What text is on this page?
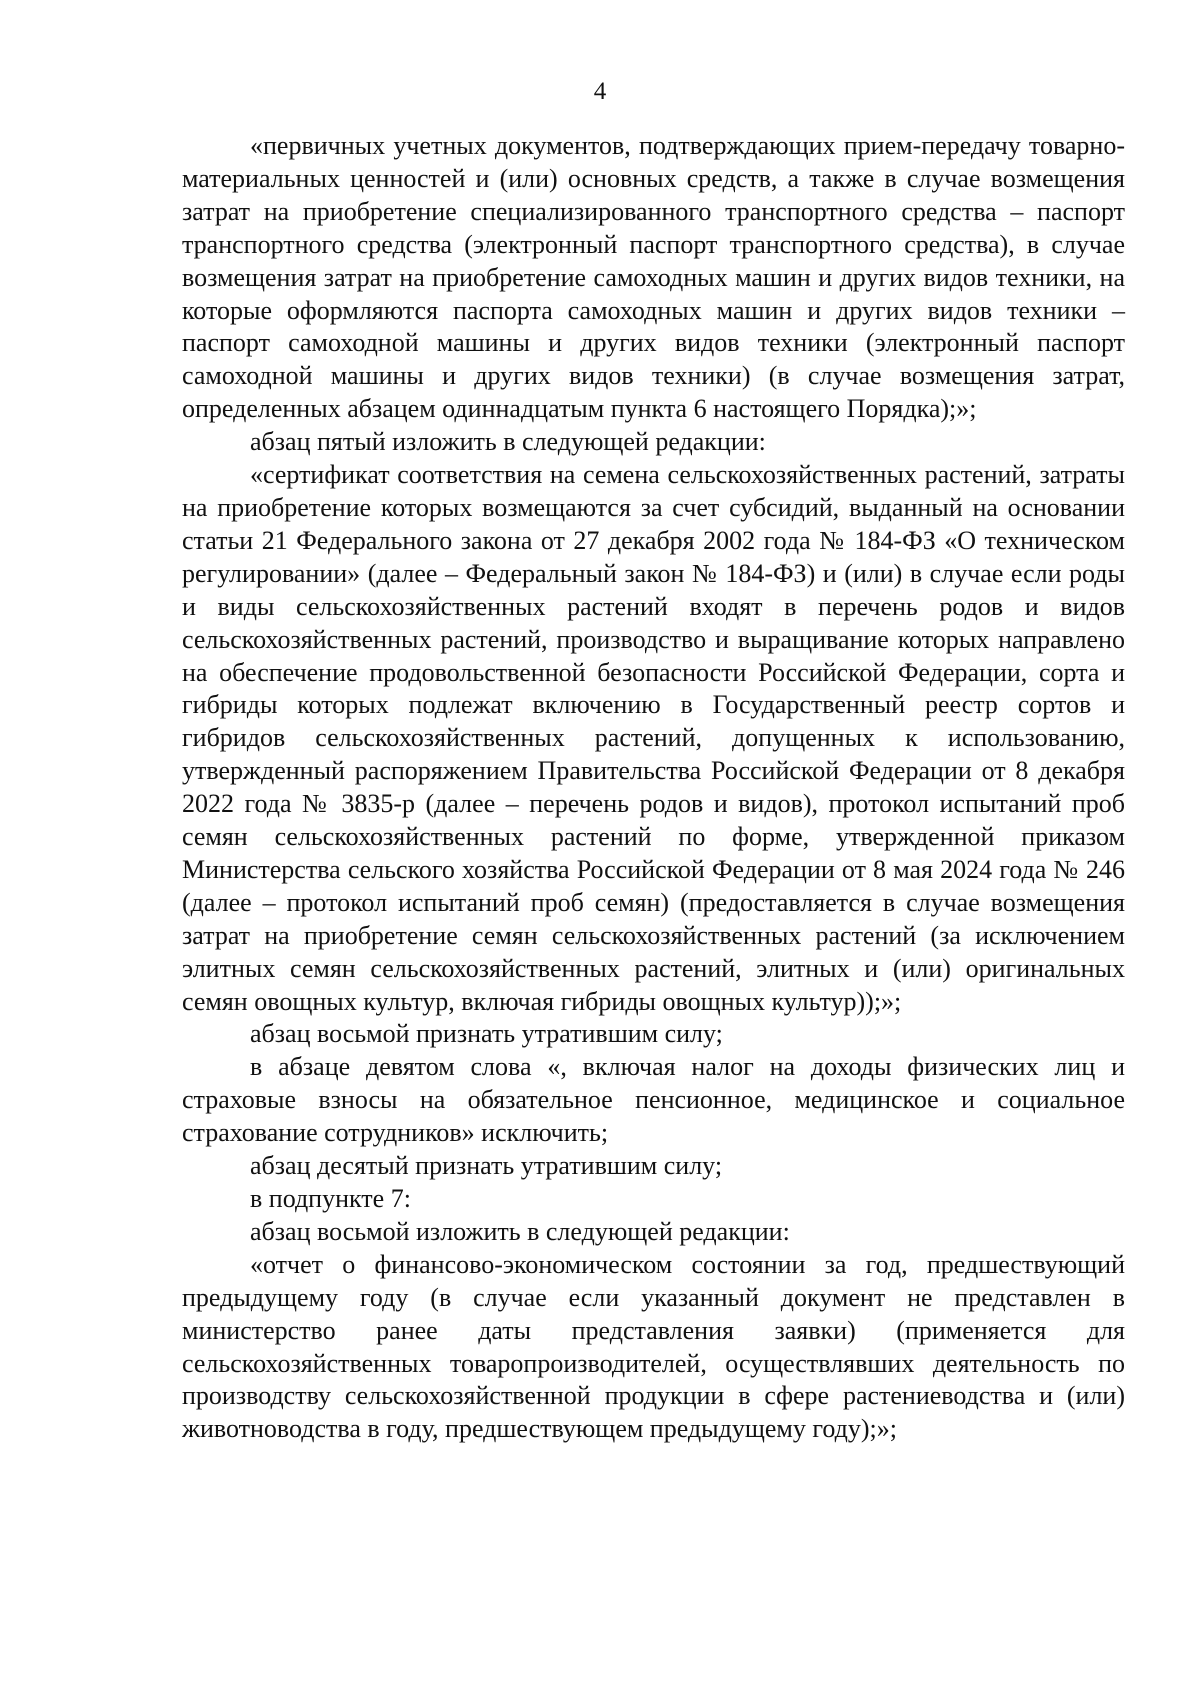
4

«первичных учетных документов, подтверждающих прием-передачу товарно-материальных ценностей и (или) основных средств, а также в случае возмещения затрат на приобретение специализированного транспортного средства – паспорт транспортного средства (электронный паспорт транспортного средства), в случае возмещения затрат на приобретение самоходных машин и других видов техники, на которые оформляются паспорта самоходных машин и других видов техники – паспорт самоходной машины и других видов техники (электронный паспорт самоходной машины и других видов техники) (в случае возмещения затрат, определенных абзацем одиннадцатым пункта 6 настоящего Порядка);»;

абзац пятый изложить в следующей редакции:

«сертификат соответствия на семена сельскохозяйственных растений, затраты на приобретение которых возмещаются за счет субсидий, выданный на основании статьи 21 Федерального закона от 27 декабря 2002 года № 184-ФЗ «О техническом регулировании» (далее – Федеральный закон № 184-ФЗ) и (или) в случае если роды и виды сельскохозяйственных растений входят в перечень родов и видов сельскохозяйственных растений, производство и выращивание которых направлено на обеспечение продовольственной безопасности Российской Федерации, сорта и гибриды которых подлежат включению в Государственный реестр сортов и гибридов сельскохозяйственных растений, допущенных к использованию, утвержденный распоряжением Правительства Российской Федерации от 8 декабря 2022 года № 3835-р (далее – перечень родов и видов), протокол испытаний проб семян сельскохозяйственных растений по форме, утвержденной приказом Министерства сельского хозяйства Российской Федерации от 8 мая 2024 года № 246 (далее – протокол испытаний проб семян) (предоставляется в случае возмещения затрат на приобретение семян сельскохозяйственных растений (за исключением элитных семян сельскохозяйственных растений, элитных и (или) оригинальных семян овощных культур, включая гибриды овощных культур));»;

абзац восьмой признать утратившим силу;

в абзаце девятом слова «, включая налог на доходы физических лиц и страховые взносы на обязательное пенсионное, медицинское и социальное страхование сотрудников» исключить;

абзац десятый признать утратившим силу;

в подпункте 7:

абзац восьмой изложить в следующей редакции:

«отчет о финансово-экономическом состоянии за год, предшествующий предыдущему году (в случае если указанный документ не представлен в министерство ранее даты представления заявки) (применяется для сельскохозяйственных товаропроизводителей, осуществлявших деятельность по производству сельскохозяйственной продукции в сфере растениеводства и (или) животноводства в году, предшествующем предыдущему году);»;
